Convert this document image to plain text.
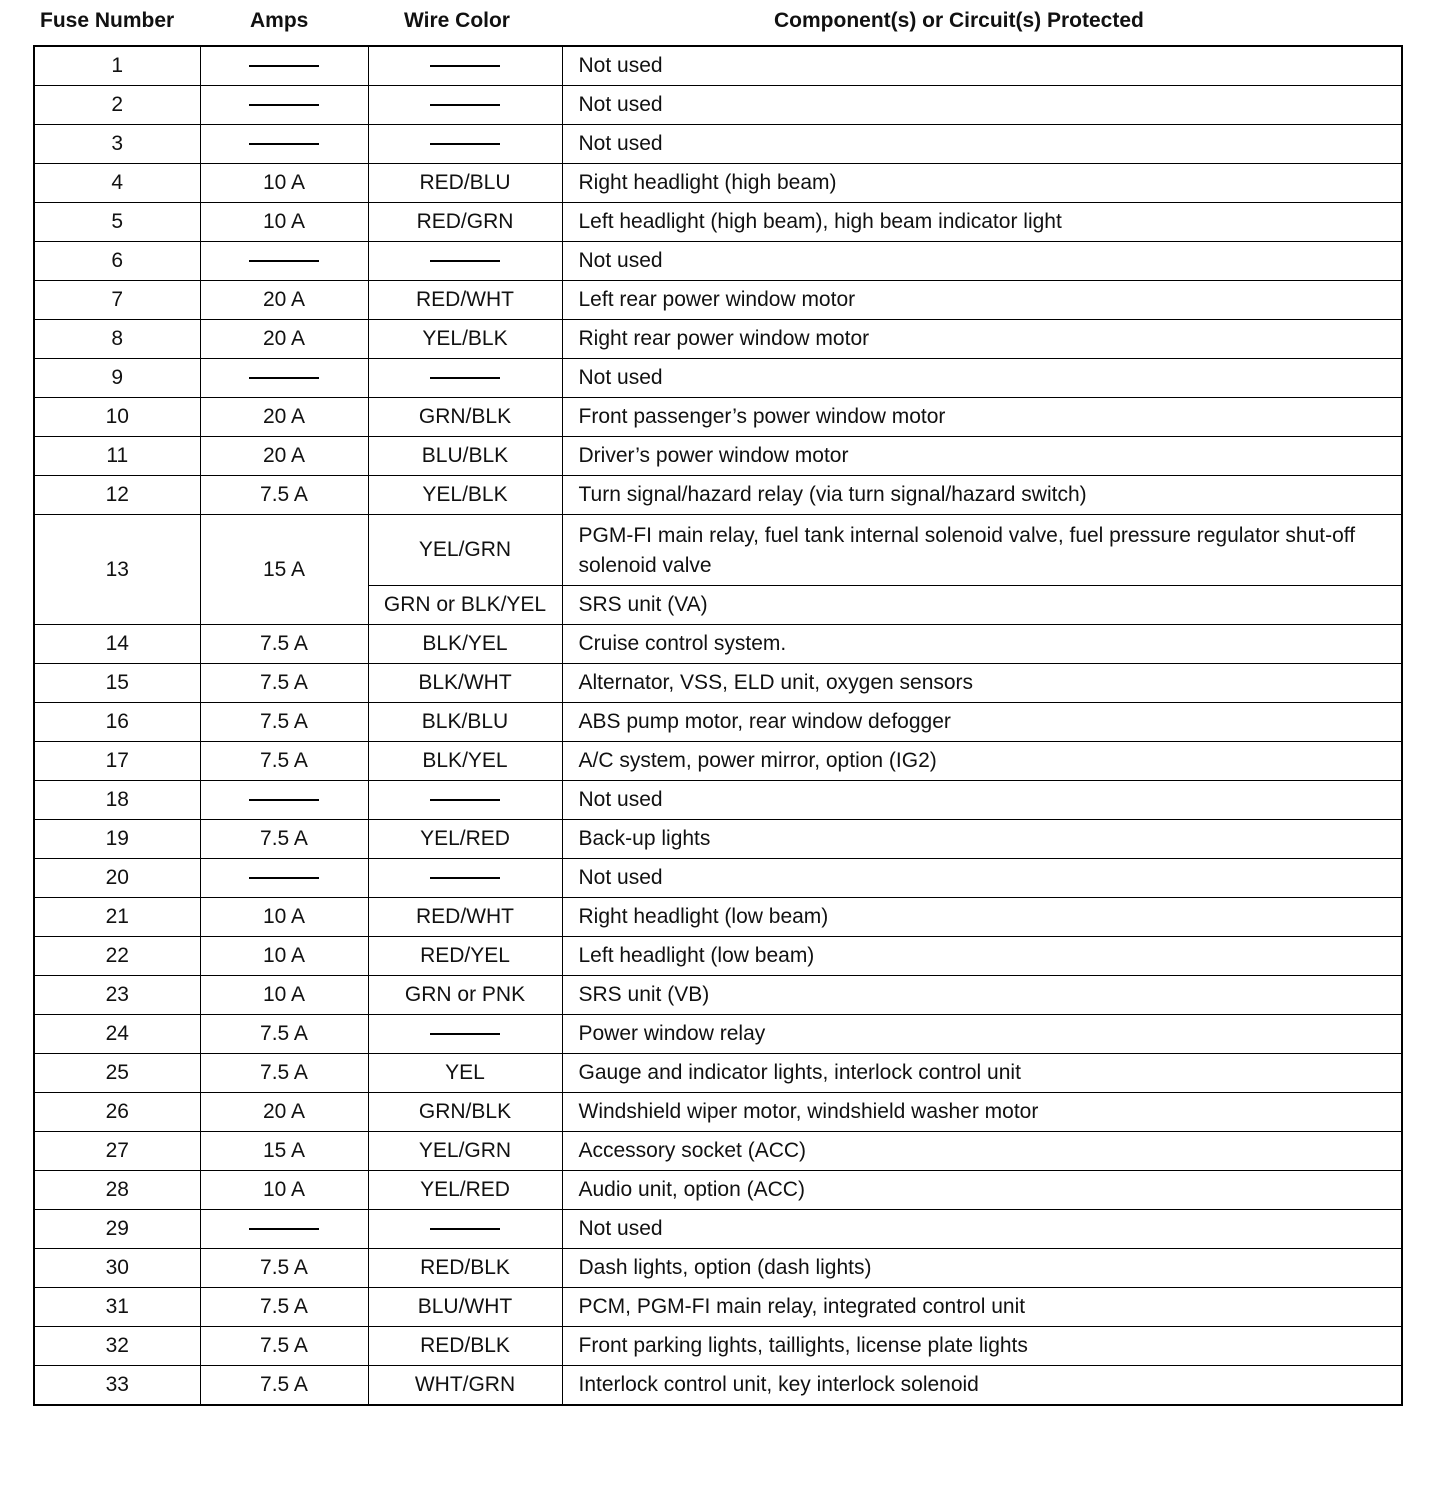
Fuse Number	Amps	Wire Color	Component(s) or Circuit(s) Protected
1			Not used
2			Not used
3			Not used
4	10 A	RED/BLU	Right headlight (high beam)
5	10 A	RED/GRN	Left headlight (high beam), high beam indicator light
6			Not used
7	20 A	RED/WHT	Left rear power window motor
8	20 A	YEL/BLK	Right rear power window motor
9			Not used
10	20 A	GRN/BLK	Front passenger’s power window motor
11	20 A	BLU/BLK	Driver’s power window motor
12	7.5 A	YEL/BLK	Turn signal/hazard relay (via turn signal/hazard switch)
13	15 A	YEL/GRN	PGM-FI main relay, fuel tank internal solenoid valve, fuel pressure regulator shut-off solenoid valve
		GRN or BLK/YEL	SRS unit (VA)
14	7.5 A	BLK/YEL	Cruise control system.
15	7.5 A	BLK/WHT	Alternator, VSS, ELD unit, oxygen sensors
16	7.5 A	BLK/BLU	ABS pump motor, rear window defogger
17	7.5 A	BLK/YEL	A/C system, power mirror, option (IG2)
18			Not used
19	7.5 A	YEL/RED	Back-up lights
20			Not used
21	10 A	RED/WHT	Right headlight (low beam)
22	10 A	RED/YEL	Left headlight (low beam)
23	10 A	GRN or PNK	SRS unit (VB)
24	7.5 A		Power window relay
25	7.5 A	YEL	Gauge and indicator lights, interlock control unit
26	20 A	GRN/BLK	Windshield wiper motor, windshield washer motor
27	15 A	YEL/GRN	Accessory socket (ACC)
28	10 A	YEL/RED	Audio unit, option (ACC)
29			Not used
30	7.5 A	RED/BLK	Dash lights, option (dash lights)
31	7.5 A	BLU/WHT	PCM, PGM-FI main relay, integrated control unit
32	7.5 A	RED/BLK	Front parking lights, taillights, license plate lights
33	7.5 A	WHT/GRN	Interlock control unit, key interlock solenoid
